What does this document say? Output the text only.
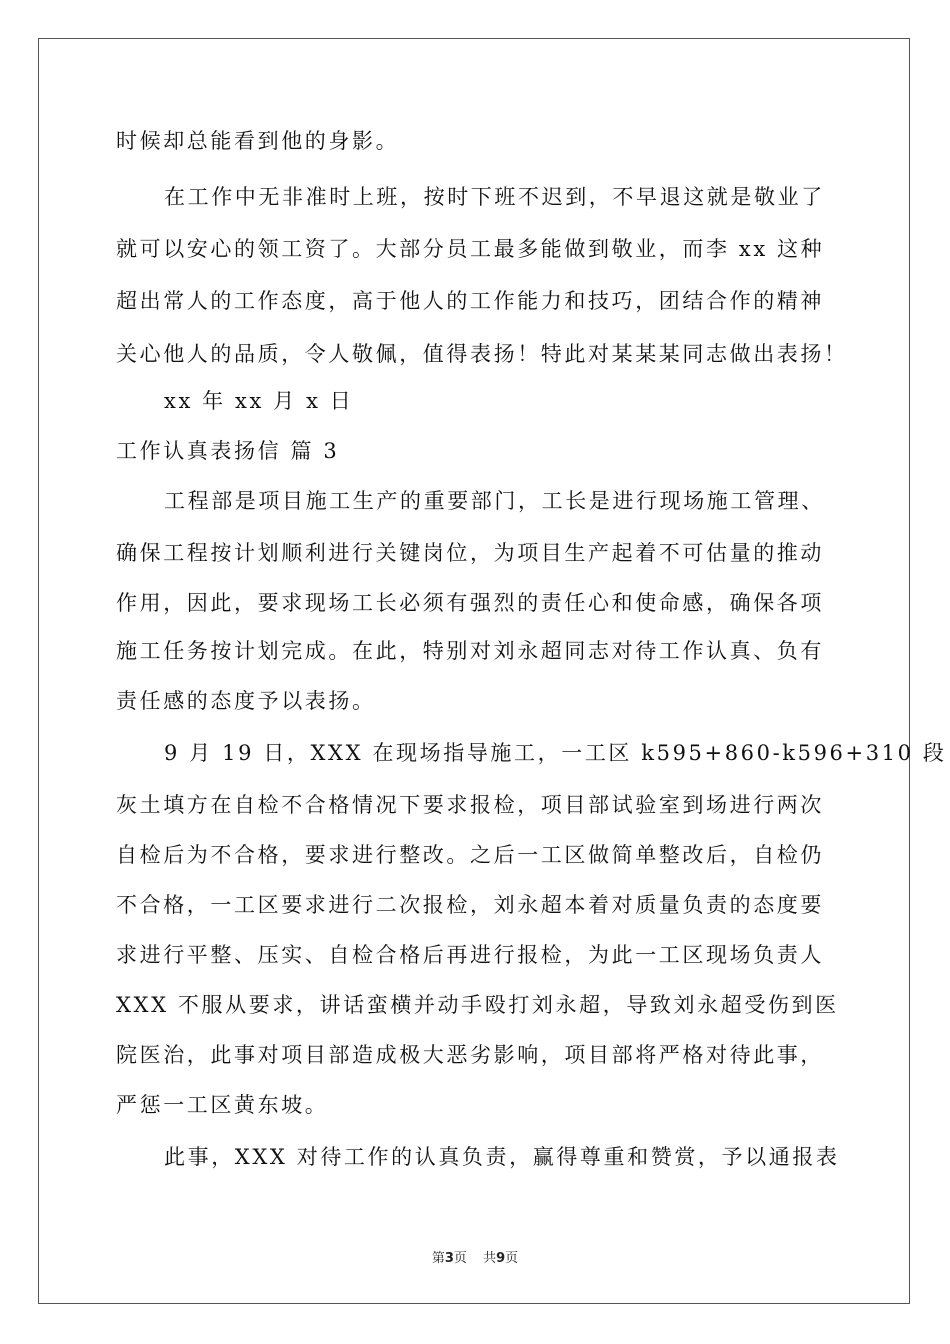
时候却总能看到他的身影。
在工作中无非准时上班，按时下班不迟到，不早退这就是敬业了
就可以安心的领工资了。大部分员工最多能做到敬业，而李 xx 这种
超出常人的工作态度，高于他人的工作能力和技巧，团结合作的精神
关心他人的品质，令人敬佩，值得表扬！特此对某某某同志做出表扬！
xx 年 xx 月 x 日
工作认真表扬信 篇 3
工程部是项目施工生产的重要部门，工长是进行现场施工管理、
确保工程按计划顺利进行关键岗位，为项目生产起着不可估量的推动
作用，因此，要求现场工长必须有强烈的责任心和使命感，确保各项
施工任务按计划完成。在此，特别对刘永超同志对待工作认真、负有
责任感的态度予以表扬。
9 月 19 日，XXX 在现场指导施工，一工区 k595+860-k596+310 段
灰土填方在自检不合格情况下要求报检，项目部试验室到场进行两次
自检后为不合格，要求进行整改。之后一工区做简单整改后，自检仍
不合格，一工区要求进行二次报检，刘永超本着对质量负责的态度要
求进行平整、压实、自检合格后再进行报检，为此一工区现场负责人
XXX 不服从要求，讲话蛮横并动手殴打刘永超，导致刘永超受伤到医
院医治，此事对项目部造成极大恶劣影响，项目部将严格对待此事，
严惩一工区黄东坡。
此事，XXX 对待工作的认真负责，赢得尊重和赞赏，予以通报表
第3页 共9页
